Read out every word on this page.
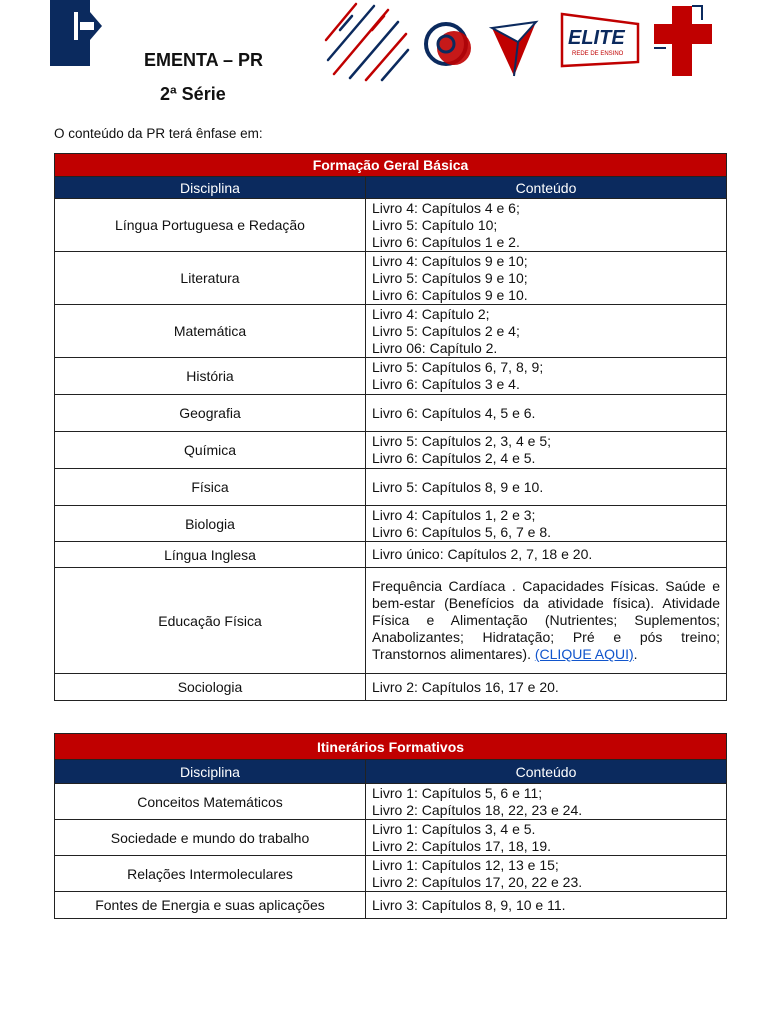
EMENTA – PR
2ª Série
ELITE
REDE DE ENSINO
O conteúdo da PR terá ênfase em:
Formação Geral Básica	
Disciplina	Conteúdo
Língua Portuguesa e Redação	Livro 4: Capítulos 4 e 6;
Livro 5: Capítulo 10;
Livro 6: Capítulos 1 e 2.

Literatura	Livro 4: Capítulos 9 e 10;
Livro 5: Capítulos 9 e 10;
Livro 6: Capítulos 9 e 10.

Matemática	Livro 4: Capítulo 2;
Livro 5: Capítulos 2 e 4;
Livro 06: Capítulo 2.

História	Livro 5: Capítulos 6, 7, 8, 9;
Livro 6: Capítulos 3 e 4.

Geografia	Livro 6: Capítulos 4, 5 e 6.

Química	Livro 5: Capítulos 2, 3, 4 e 5;
Livro 6: Capítulos 2, 4 e 5.

Física	Livro 5: Capítulos 8, 9 e 10.

Biologia	Livro 4: Capítulos 1, 2 e 3;
Livro 6: Capítulos 5, 6, 7 e 8.

Língua Inglesa	Livro único: Capítulos 2, 7, 18 e 20.

Educação Física	Frequência Cardíaca . Capacidades Físicas. Saúde e bem-estar (Benefícios da atividade física). Atividade Física e Alimentação (Nutrientes; Suplementos; Anabolizantes; Hidratação; Pré e pós treino; Transtornos alimentares). (CLIQUE AQUI).
Sociologia	Livro 2: Capítulos 16, 17 e 20.
Itinerários Formativos	
Disciplina	Conteúdo
Conceitos Matemáticos	Livro 1: Capítulos 5, 6 e 11;
Livro 2: Capítulos 18, 22, 23 e 24.

Sociedade e mundo do trabalho	Livro 1: Capítulos 3, 4 e 5.
Livro 2: Capítulos 17, 18, 19.

Relações Intermoleculares	Livro 1: Capítulos 12, 13 e 15;
Livro 2: Capítulos 17, 20, 22 e 23.

Fontes de Energia e suas aplicações	Livro 3: Capítulos 8, 9, 10 e 11.
